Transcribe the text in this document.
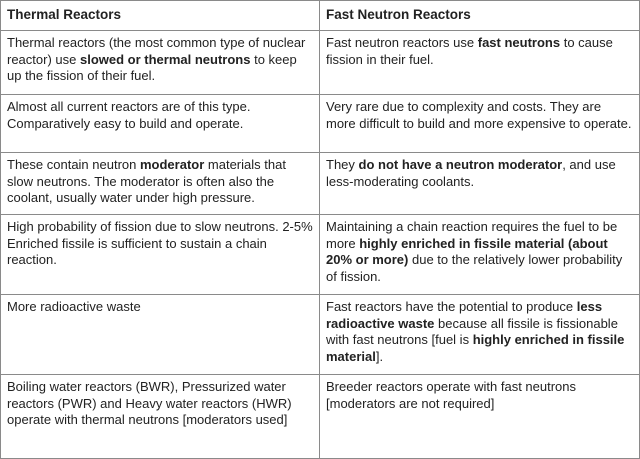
Thermal Reactors	Fast Neutron Reactors
Thermal reactors (the most common type of nuclear reactor) use slowed or thermal neutrons to keep up the fission of their fuel.	Fast neutron reactors use fast neutrons to cause fission in their fuel.
Almost all current reactors are of this type. Comparatively easy to build and operate.	Very rare due to complexity and costs. They are more difficult to build and more expensive to operate.
These contain neutron moderator materials that slow neutrons. The moderator is often also the coolant, usually water under high pressure.	They do not have a neutron moderator, and use less-moderating coolants.
High probability of fission due to slow neutrons. 2-5% Enriched fissile is sufficient to sustain a chain reaction.	Maintaining a chain reaction requires the fuel to be more highly enriched in fissile material (about 20% or more) due to the relatively lower probability of fission.
More radioactive waste	Fast reactors have the potential to produce less radioactive waste because all fissile is fissionable with fast neutrons [fuel is highly enriched in fissile material].
Boiling water reactors (BWR), Pressurized water reactors (PWR) and Heavy water reactors (HWR) operate with thermal neutrons [moderators used]	Breeder reactors operate with fast neutrons [moderators are not required]
